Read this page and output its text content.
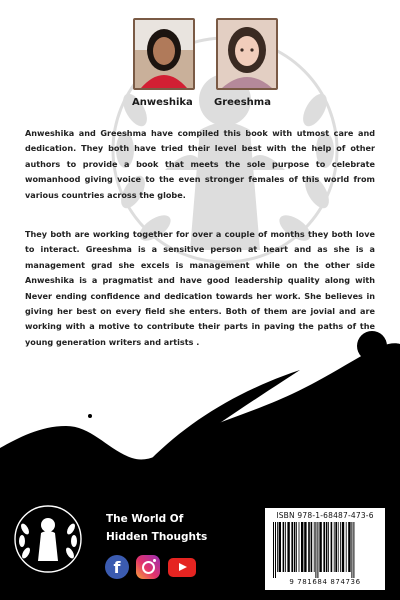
Anweshika Greeshma

Anweshika and Greeshma have compiled this book with utmost care and dedication. They both have tried their level best with the help of other authors to provide a book that meets the sole purpose to celebrate womanhood giving voice to the even stronger females of this world from various countries across the globe.

They both are working together for over a couple of months they both love to interact. Greeshma is a sensitive person at heart and as she is a management grad she excels is management while on the other side Anweshika is a pragmatist and have good leadership quality along with Never ending confidence and dedication towards her work. She believes in giving her best on every field she enters. Both of them are jovial and are working with a motive to contribute their parts in paving the paths of the young generation writers and artists .

The World Of
Hidden Thoughts
f
ISBN 978-1-68487-473-6
9 781684 874736
